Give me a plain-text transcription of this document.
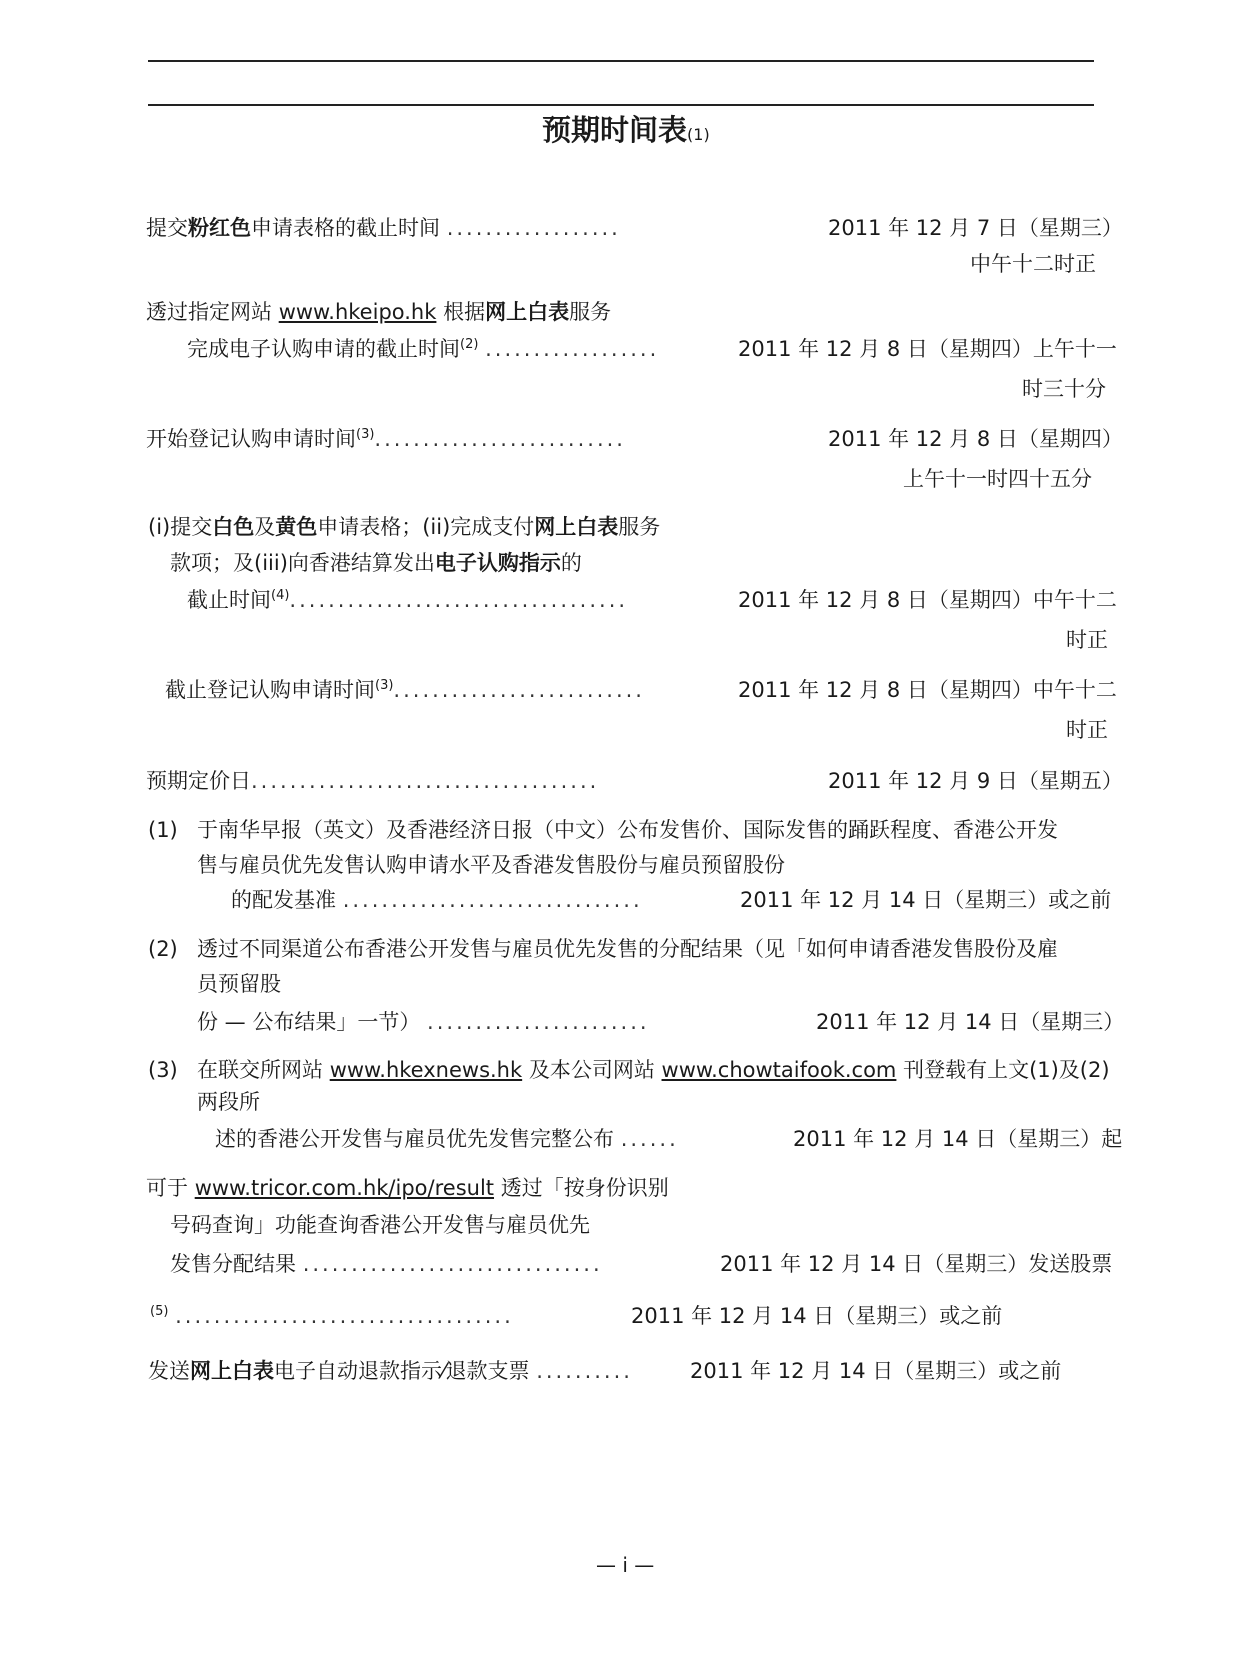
预期时间表(1)
提交粉红色申请表格的截止时间 ..................	2011 年 12 月 7 日（星期三）
中午十二时正
透过指定网站 www.hkeipo.hk 根据网上白表服务
完成电子认购申请的截止时间$^{(2)}$ ..................	2011 年 12 月 8 日（星期四）上午十一
时三十分
开始登记认购申请时间$^{(3)}$..........................	2011 年 12 月 8 日（星期四）
上午十一时四十五分
(i)提交白色及黄色申请表格；(ii)完成支付网上白表服务
款项；及(iii)向香港结算发出电子认购指示的
截止时间$^{(4)}$...................................	2011 年 12 月 8 日（星期四）中午十二
时正
截止登记认购申请时间$^{(3)}$..........................	2011 年 12 月 8 日（星期四）中午十二
时正
预期定价日....................................	2011 年 12 月 9 日（星期五）
(1) 于南华早报（英文）及香港经济日报（中文）公布发售价、国际发售的踊跃程度、香港公开发
售与雇员优先发售认购申请水平及香港发售股份与雇员预留股份
的配发基准 ...............................	2011 年 12 月 14 日（星期三）或之前
(2) 透过不同渠道公布香港公开发售与雇员优先发售的分配结果（见「如何申请香港发售股份及雇
员预留股
份 — 公布结果」一节） .......................	2011 年 12 月 14 日（星期三）
(3) 在联交所网站 www.hkexnews.hk 及本公司网站 www.chowtaifook.com 刊登载有上文(1)及(2)
两段所
述的香港公开发售与雇员优先发售完整公布 ......	2011 年 12 月 14 日（星期三）起
可于 www.tricor.com.hk/ipo/result 透过「按身份识别
号码查询」功能查询香港公开发售与雇员优先
发售分配结果 ...............................	2011 年 12 月 14 日（星期三）发送股票
$^{(5)}$ ...................................	2011 年 12 月 14 日（星期三）或之前
发送网上白表电子自动退款指示⁄退款支票 ..........	2011 年 12 月 14 日（星期三）或之前
— i —
